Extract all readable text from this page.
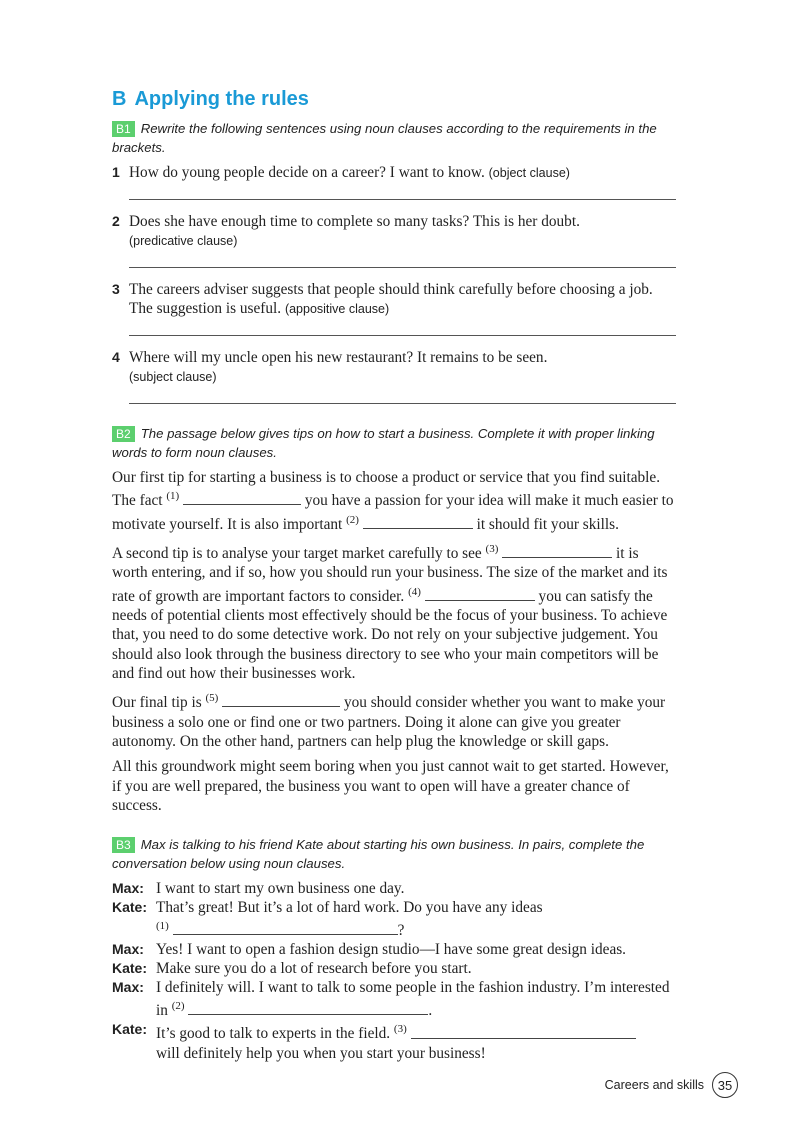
B Applying the rules

B1 Rewrite the following sentences using noun clauses according to the requirements in the brackets.

1 How do young people decide on a career? I want to know. (object clause)
2 Does she have enough time to complete so many tasks? This is her doubt.
(predicative clause)
3 The careers adviser suggests that people should think carefully before choosing a job. The suggestion is useful. (appositive clause)
4 Where will my uncle open his new restaurant? It remains to be seen.
(subject clause)

B2 The passage below gives tips on how to start a business. Complete it with proper linking words to form noun clauses.

Our first tip for starting a business is to choose a product or service that you find suitable. The fact $^{(1)}$	you have a passion for your idea will make it much easier to motivate yourself. It is also important $^{(2)}$	it should fit your skills.

A second tip is to analyse your target market carefully to see $^{(3)}$	it is worth entering, and if so, how you should run your business. The size of the market and its rate of growth are important factors to consider. $^{(4)}$	you can satisfy the needs of potential clients most effectively should be the focus of your business. To achieve that, you need to do some detective work. Do not rely on your subjective judgement. You should also look through the business directory to see who your main competitors will be and find out how their businesses work.

Our final tip is $^{(5)}$	you should consider whether you want to make your business a solo one or find one or two partners. Doing it alone can give you greater autonomy. On the other hand, partners can help plug the knowledge or skill gaps.

All this groundwork might seem boring when you just cannot wait to get started. However, if you are well prepared, the business you want to open will have a greater chance of success.

B3 Max is talking to his friend Kate about starting his own business. In pairs, complete the conversation below using noun clauses.

Max: I want to start my own business one day.
Kate: That’s great! But it’s a lot of hard work. Do you have any ideas
$^{(1)}$	?
Max: Yes! I want to open a fashion design studio—I have some great design ideas.
Kate: Make sure you do a lot of research before you start.
Max: I definitely will. I want to talk to some people in the fashion industry. I’m interested in $^{(2)}$	.
Kate: It’s good to talk to experts in the field. $^{(3)}$
will definitely help you when you start your business!
Careers and skills	35
